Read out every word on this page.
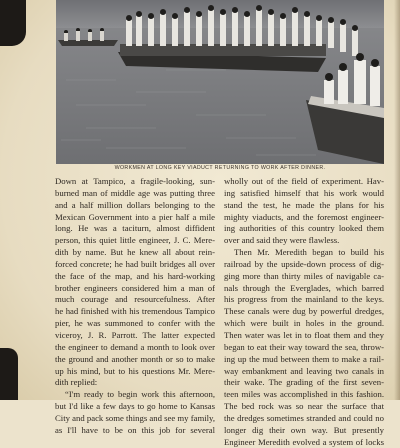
WORKMEN AT LONG KEY VIADUCT RETURNING TO WORK AFTER DINNER.
Down at Tampico, a fragile-looking, sun-
burned man of middle age was putting three
and a half million dollars belonging to the
Mexican Government into a pier half a mile
long. He was a taciturn, almost diffident
person, this quiet little engineer, J. C. Mere-
dith by name. But he knew all about rein-
forced concrete; he had built bridges all over
the face of the map, and his hard-working
brother engineers considered him a man of
much courage and resourcefulness. After
he had finished with his tremendous Tampico
pier, he was summoned to confer with the
viceroy, J. R. Parrott. The latter expected
the engineer to demand a month to look over
the ground and another month or so to make
up his mind, but to his questions Mr. Mere-
dith replied:
“I'm ready to begin work this afternoon,
but I'd like a few days to go home to Kansas
City and pack some things and see my family,
as I'll have to be on this job for several
wholly out of the field of experiment. Hav-
ing satisfied himself that his work would
stand the test, he made the plans for his
mighty viaducts, and the foremost engineer-
ing authorities of this country looked them
over and said they were flawless.
Then Mr. Meredith began to build his
railroad by the upside-down process of dig-
ging more than thirty miles of navigable ca-
nals through the Everglades, which barred
his progress from the mainland to the keys.
These canals were dug by powerful dredges,
which were built in holes in the ground.
Then water was let in to float them and they
began to eat their way toward the sea, throw-
ing up the mud between them to make a rail-
way embankment and leaving two canals in
their wake. The grading of the first seven-
teen miles was accomplished in this fashion.
The bed rock was so near the surface that
the dredges sometimes stranded and could no
longer dig their own way. But presently
Engineer Meredith evolved a system of locks
